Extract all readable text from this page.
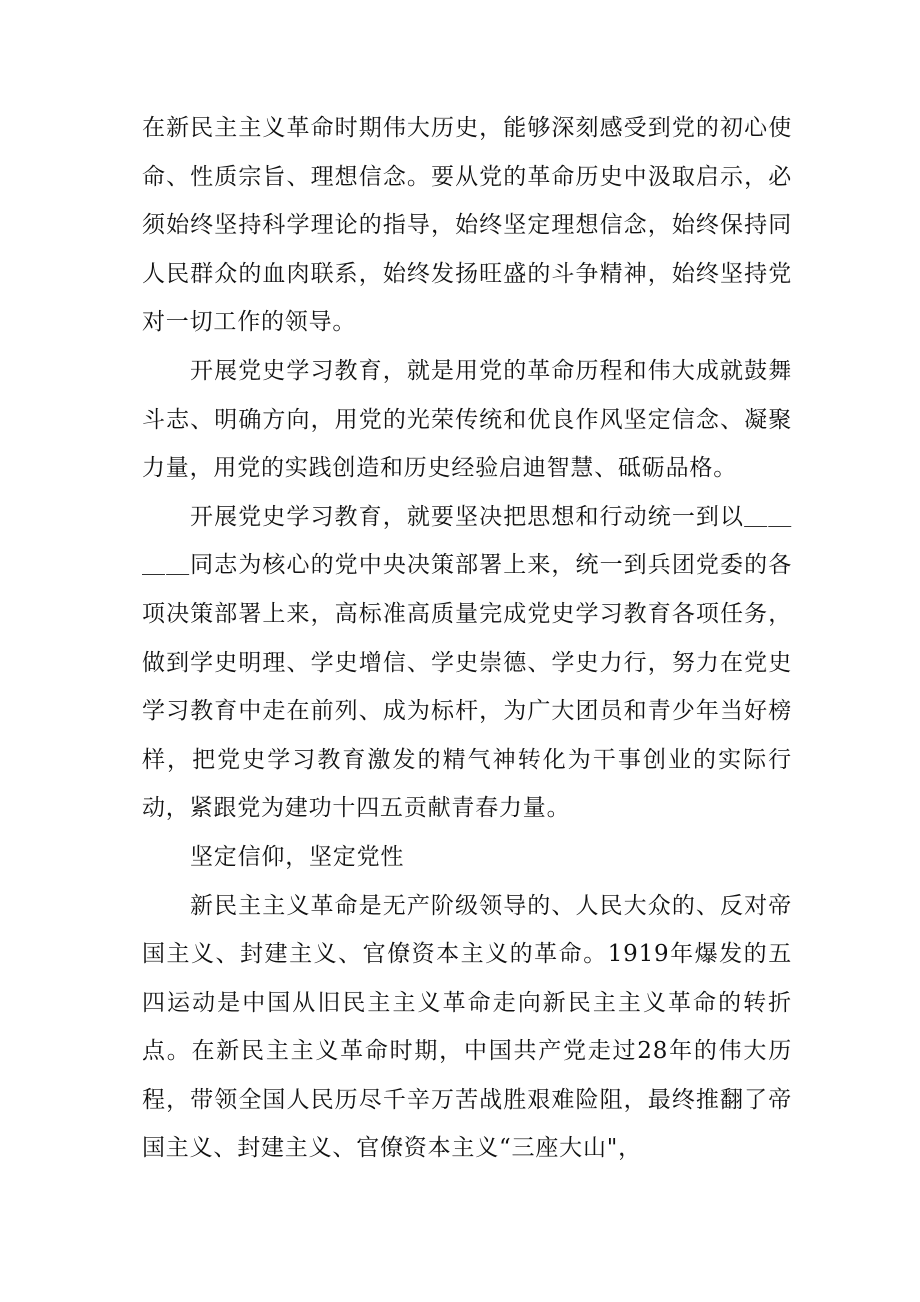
在新民主主义革命时期伟大历史，能够深刻感受到党的初心使命、性质宗旨、理想信念。要从党的革命历史中汲取启示，必须始终坚持科学理论的指导，始终坚定理想信念，始终保持同人民群众的血肉联系，始终发扬旺盛的斗争精神，始终坚持党对一切工作的领导。

开展党史学习教育，就是用党的革命历程和伟大成就鼓舞斗志、明确方向，用党的光荣传统和优良作风坚定信念、凝聚力量，用党的实践创造和历史经验启迪智慧、砥砺品格。

开展党史学习教育，就要坚决把思想和行动统一到以＿＿＿＿同志为核心的党中央决策部署上来，统一到兵团党委的各项决策部署上来，高标准高质量完成党史学习教育各项任务，做到学史明理、学史增信、学史崇德、学史力行，努力在党史学习教育中走在前列、成为标杆，为广大团员和青少年当好榜样，把党史学习教育激发的精气神转化为干事创业的实际行动，紧跟党为建功十四五贡献青春力量。

坚定信仰，坚定党性

新民主主义革命是无产阶级领导的、人民大众的、反对帝国主义、封建主义、官僚资本主义的革命。1919年爆发的五四运动是中国从旧民主主义革命走向新民主主义革命的转折点。在新民主主义革命时期，中国共产党走过28年的伟大历程，带领全国人民历尽千辛万苦战胜艰难险阻，最终推翻了帝国主义、封建主义、官僚资本主义“三座大山"，
